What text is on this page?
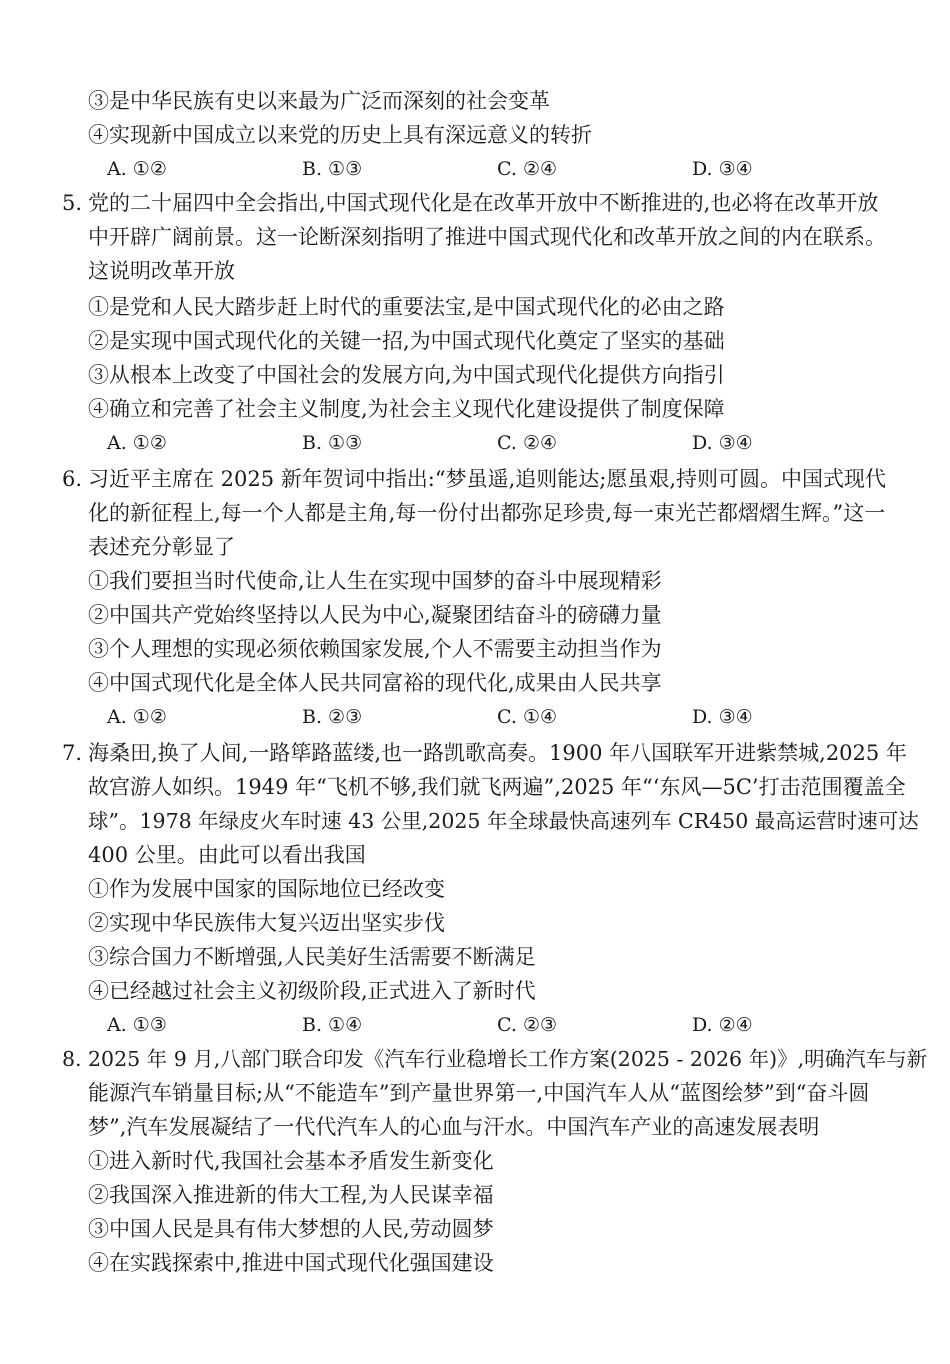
③是中华民族有史以来最为广泛而深刻的社会变革
④实现新中国成立以来党的历史上具有深远意义的转折
A. ①②	B. ①③	C. ②④	D. ③④
5. 党的二十届四中全会指出,中国式现代化是在改革开放中不断推进的,也必将在改革开放
中开辟广阔前景。这一论断深刻指明了推进中国式现代化和改革开放之间的内在联系。
这说明改革开放
①是党和人民大踏步赶上时代的重要法宝,是中国式现代化的必由之路
②是实现中国式现代化的关键一招,为中国式现代化奠定了坚实的基础
③从根本上改变了中国社会的发展方向,为中国式现代化提供方向指引
④确立和完善了社会主义制度,为社会主义现代化建设提供了制度保障
A. ①②	B. ①③	C. ②④	D. ③④
6. 习近平主席在 2025 新年贺词中指出:“梦虽遥,追则能达;愿虽艰,持则可圆。中国式现代
化的新征程上,每一个人都是主角,每一份付出都弥足珍贵,每一束光芒都熠熠生辉。”这一
表述充分彰显了
①我们要担当时代使命,让人生在实现中国梦的奋斗中展现精彩
②中国共产党始终坚持以人民为中心,凝聚团结奋斗的磅礴力量
③个人理想的实现必须依赖国家发展,个人不需要主动担当作为
④中国式现代化是全体人民共同富裕的现代化,成果由人民共享
A. ①②	B. ②③	C. ①④	D. ③④
7. 海桑田,换了人间,一路筚路蓝缕,也一路凯歌高奏。1900 年八国联军开进紫禁城,2025 年
故宫游人如织。1949 年“飞机不够,我们就飞两遍”,2025 年“‘东风—5C’打击范围覆盖全
球”。1978 年绿皮火车时速 43 公里,2025 年全球最快高速列车 CR450 最高运营时速可达
400 公里。由此可以看出我国
①作为发展中国家的国际地位已经改变
②实现中华民族伟大复兴迈出坚实步伐
③综合国力不断增强,人民美好生活需要不断满足
④已经越过社会主义初级阶段,正式进入了新时代
A. ①③	B. ①④	C. ②③	D. ②④
8. 2025 年 9 月,八部门联合印发《汽车行业稳增长工作方案(2025 - 2026 年)》,明确汽车与新
能源汽车销量目标;从“不能造车”到产量世界第一,中国汽车人从“蓝图绘梦”到“奋斗圆
梦”,汽车发展凝结了一代代汽车人的心血与汗水。中国汽车产业的高速发展表明
①进入新时代,我国社会基本矛盾发生新变化
②我国深入推进新的伟大工程,为人民谋幸福
③中国人民是具有伟大梦想的人民,劳动圆梦
④在实践探索中,推进中国式现代化强国建设
